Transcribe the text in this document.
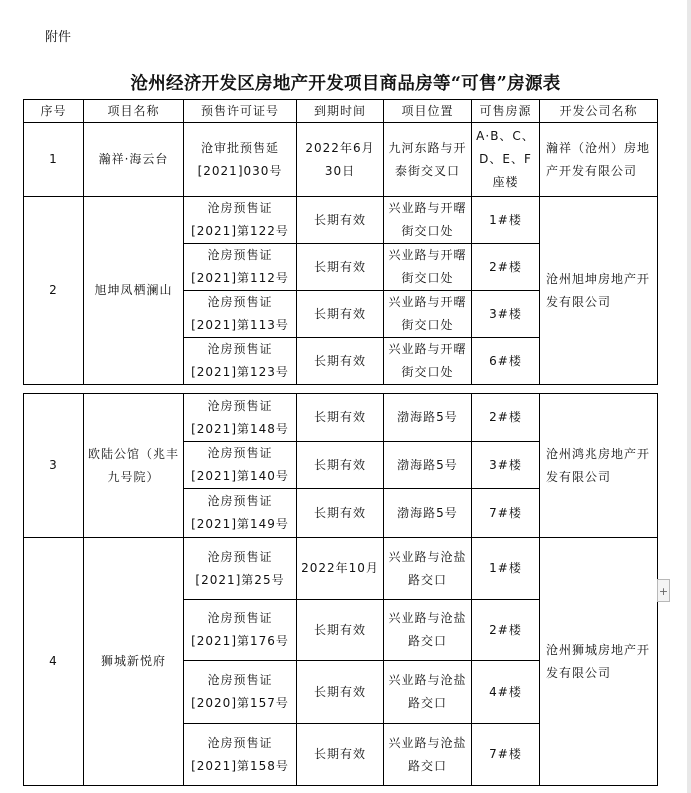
附件
沧州经济开发区房地产开发项目商品房等“可售”房源表
序号	项目名称	预售许可证号	到期时间	项目位置	可售房源	开发公司名称
1	瀚祥·海云台	沧审批预售延[2021]030号	2022年6月30日	九河东路与开泰街交叉口	A·B、C、D、E、F座楼	瀚祥（沧州）房地产开发有限公司
2	旭坤凤栖澜山	沧房预售证[2021]第122号	长期有效	兴业路与开曙街交口处	1#楼	沧州旭坤房地产开发有限公司
		沧房预售证[2021]第112号	长期有效	兴业路与开曙街交口处	2#楼	
		沧房预售证[2021]第113号	长期有效	兴业路与开曙街交口处	3#楼	
		沧房预售证[2021]第123号	长期有效	兴业路与开曙街交口处	6#楼	
3	欧陆公馆（兆丰九号院）	沧房预售证[2021]第148号	长期有效	渤海路5号	2#楼	沧州鸿兆房地产开发有限公司
		沧房预售证[2021]第140号	长期有效	渤海路5号	3#楼	
		沧房预售证[2021]第149号	长期有效	渤海路5号	7#楼	
4	狮城新悦府	沧房预售证[2021]第25号	2022年10月	兴业路与沧盐路交口	1#楼	沧州狮城房地产开发有限公司
		沧房预售证[2021]第176号	长期有效	兴业路与沧盐路交口	2#楼	
		沧房预售证[2020]第157号	长期有效	兴业路与沧盐路交口	4#楼	
		沧房预售证[2021]第158号	长期有效	兴业路与沧盐路交口	7#楼	
+
